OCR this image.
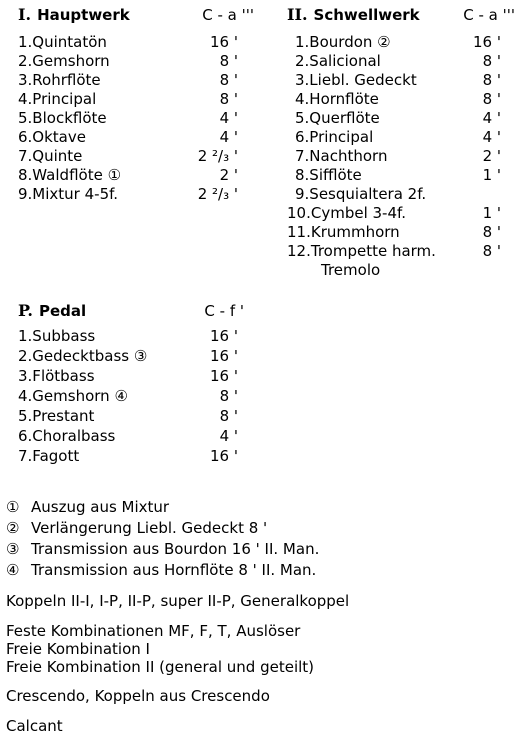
I. Hauptwerk	C - a '''
1.Quintatön	16 '
2.Gemshorn	8 '
3.Rohrflöte	8 '
4.Principal	8 '
5.Blockflöte	4 '
6.Oktave	4 '
7.Quinte	2 ²/₃ '
8.Waldflöte ①	2 '
9.Mixtur 4-5f.	2 ²/₃ '
II. Schwellwerk	C - a '''
1.Bourdon ②	16 '
2.Salicional	8 '
3.Liebl. Gedeckt	8 '
4.Hornflöte	8 '
5.Querflöte	4 '
6.Principal	4 '
7.Nachthorn	2 '
8.Sifflöte	1 '
9.Sesquialtera 2f.
10.Cymbel 3-4f.	1 '
11.Krummhorn	8 '
12.Trompette harm.	8 '
Tremolo
P. Pedal	C - f '
1.Subbass	16 '
2.Gedecktbass ③	16 '
3.Flötbass	16 '
4.Gemshorn ④	8 '
5.Prestant	8 '
6.Choralbass	4 '
7.Fagott	16 '
① Auszug aus Mixtur
② Verlängerung Liebl. Gedeckt 8 '
③ Transmission aus Bourdon 16 ' II. Man.
④ Transmission aus Hornflöte 8 ' II. Man.
Koppeln II-I, I-P, II-P, super II-P, Generalkoppel
Feste Kombinationen MF, F, T, Auslöser
Freie Kombination I
Freie Kombination II (general und geteilt)
Crescendo, Koppeln aus Crescendo
Calcant
